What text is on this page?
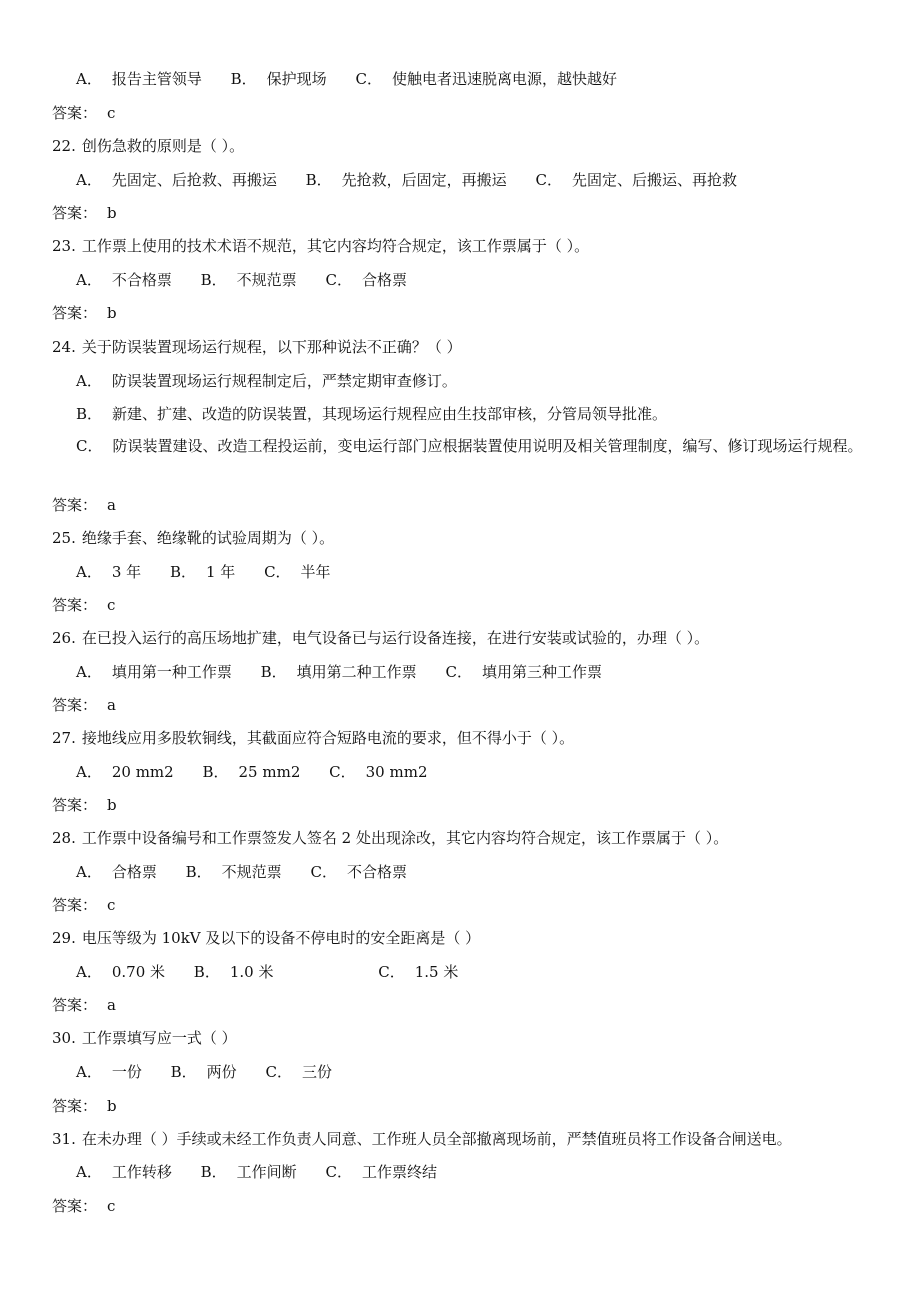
A． 报告主管领导 B． 保护现场 C． 使触电者迅速脱离电源，越快越好
答案： c
22. 创伤急救的原则是（ ）。
A． 先固定、后抢救、再搬运 B． 先抢救，后固定，再搬运 C． 先固定、后搬运、再抢救
答案： b
23. 工作票上使用的技术术语不规范，其它内容均符合规定，该工作票属于（ ）。
A． 不合格票 B． 不规范票 C． 合格票
答案： b
24. 关于防误装置现场运行规程，以下那种说法不正确？（ ）
A． 防误装置现场运行规程制定后，严禁定期审查修订。
B． 新建、扩建、改造的防误装置，其现场运行规程应由生技部审核，分管局领导批准。
C． 防误装置建设、改造工程投运前，变电运行部门应根据装置使用说明及相关管理制度，编写、修订现场运行规程。
答案： a
25. 绝缘手套、绝缘靴的试验周期为（ ）。
A． 3 年 B． 1 年 C． 半年
答案： c
26. 在已投入运行的高压场地扩建，电气设备已与运行设备连接，在进行安装或试验的，办理（ ）。
A． 填用第一种工作票 B． 填用第二种工作票 C． 填用第三种工作票
答案： a
27. 接地线应用多股软铜线，其截面应符合短路电流的要求，但不得小于（ ）。
A． 20 mm2 B． 25 mm2 C． 30 mm2
答案： b
28. 工作票中设备编号和工作票签发人签名 2 处出现涂改，其它内容均符合规定，该工作票属于（ ）。
A． 合格票 B． 不规范票 C． 不合格票
答案： c
29. 电压等级为 10kV 及以下的设备不停电时的安全距离是（ ）
A． 0.70 米 B． 1.0 米	C． 1.5 米
答案： a
30. 工作票填写应一式（ ）
A． 一份 B． 两份 C． 三份
答案： b
31. 在未办理（ ）手续或未经工作负责人同意、工作班人员全部撤离现场前，严禁值班员将工作设备合闸送电。
A． 工作转移 B． 工作间断 C． 工作票终结
答案： c
